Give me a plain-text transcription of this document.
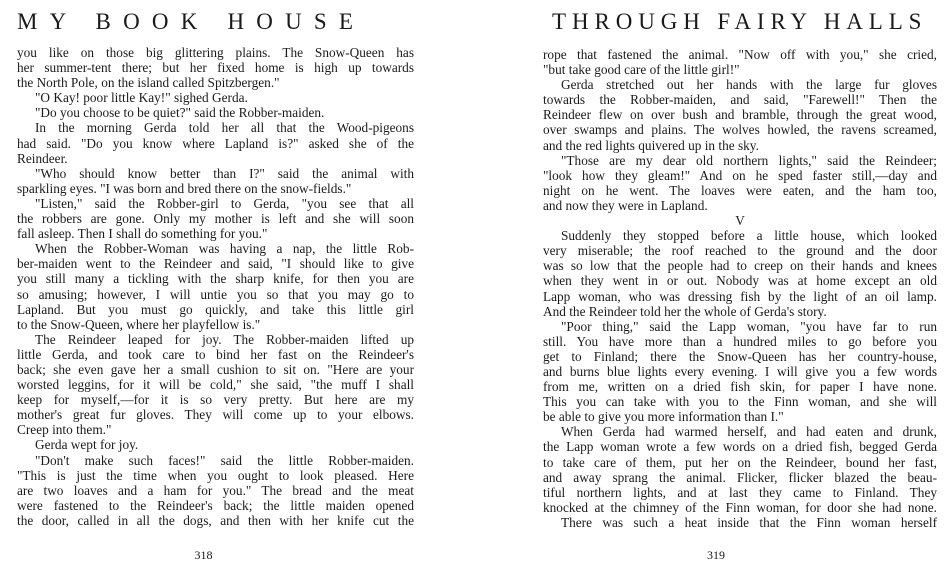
MY BOOK HOUSE
you like on those big glittering plains. The Snow-Queen has
her summer-tent there; but her fixed home is high up towards
the North Pole, on the island called Spitzbergen."
"O Kay! poor little Kay!" sighed Gerda.
"Do you choose to be quiet?" said the Robber-maiden.
In the morning Gerda told her all that the Wood-pigeons
had said. "Do you know where Lapland is?" asked she of the
Reindeer.
"Who should know better than I?" said the animal with
sparkling eyes. "I was born and bred there on the snow-fields."
"Listen," said the Robber-girl to Gerda, "you see that all
the robbers are gone. Only my mother is left and she will soon
fall asleep. Then I shall do something for you."
When the Robber-Woman was having a nap, the little Rob-
ber-maiden went to the Reindeer and said, "I should like to give
you still many a tickling with the sharp knife, for then you are
so amusing; however, I will untie you so that you may go to
Lapland. But you must go quickly, and take this little girl
to the Snow-Queen, where her playfellow is."
The Reindeer leaped for joy. The Robber-maiden lifted up
little Gerda, and took care to bind her fast on the Reindeer's
back; she even gave her a small cushion to sit on. "Here are your
worsted leggins, for it will be cold," she said, "the muff I shall
keep for myself,—for it is so very pretty. But here are my
mother's great fur gloves. They will come up to your elbows.
Creep into them."
Gerda wept for joy.
"Don't make such faces!" said the little Robber-maiden.
"This is just the time when you ought to look pleased. Here
are two loaves and a ham for you." The bread and the meat
were fastened to the Reindeer's back; the little maiden opened
the door, called in all the dogs, and then with her knife cut the
318
THROUGH FAIRY HALLS
rope that fastened the animal. "Now off with you," she cried,
"but take good care of the little girl!"
Gerda stretched out her hands with the large fur gloves
towards the Robber-maiden, and said, "Farewell!" Then the
Reindeer flew on over bush and bramble, through the great wood,
over swamps and plains. The wolves howled, the ravens screamed,
and the red lights quivered up in the sky.
"Those are my dear old northern lights," said the Reindeer;
"look how they gleam!" And on he sped faster still,—day and
night on he went. The loaves were eaten, and the ham too,
and now they were in Lapland.
V
Suddenly they stopped before a little house, which looked
very miserable; the roof reached to the ground and the door
was so low that the people had to creep on their hands and knees
when they went in or out. Nobody was at home except an old
Lapp woman, who was dressing fish by the light of an oil lamp.
And the Reindeer told her the whole of Gerda's story.
"Poor thing," said the Lapp woman, "you have far to run
still. You have more than a hundred miles to go before you
get to Finland; there the Snow-Queen has her country-house,
and burns blue lights every evening. I will give you a few words
from me, written on a dried fish skin, for paper I have none.
This you can take with you to the Finn woman, and she will
be able to give you more information than I."
When Gerda had warmed herself, and had eaten and drunk,
the Lapp woman wrote a few words on a dried fish, begged Gerda
to take care of them, put her on the Reindeer, bound her fast,
and away sprang the animal. Flicker, flicker blazed the beau-
tiful northern lights, and at last they came to Finland. They
knocked at the chimney of the Finn woman, for door she had none.
There was such a heat inside that the Finn woman herself
319
